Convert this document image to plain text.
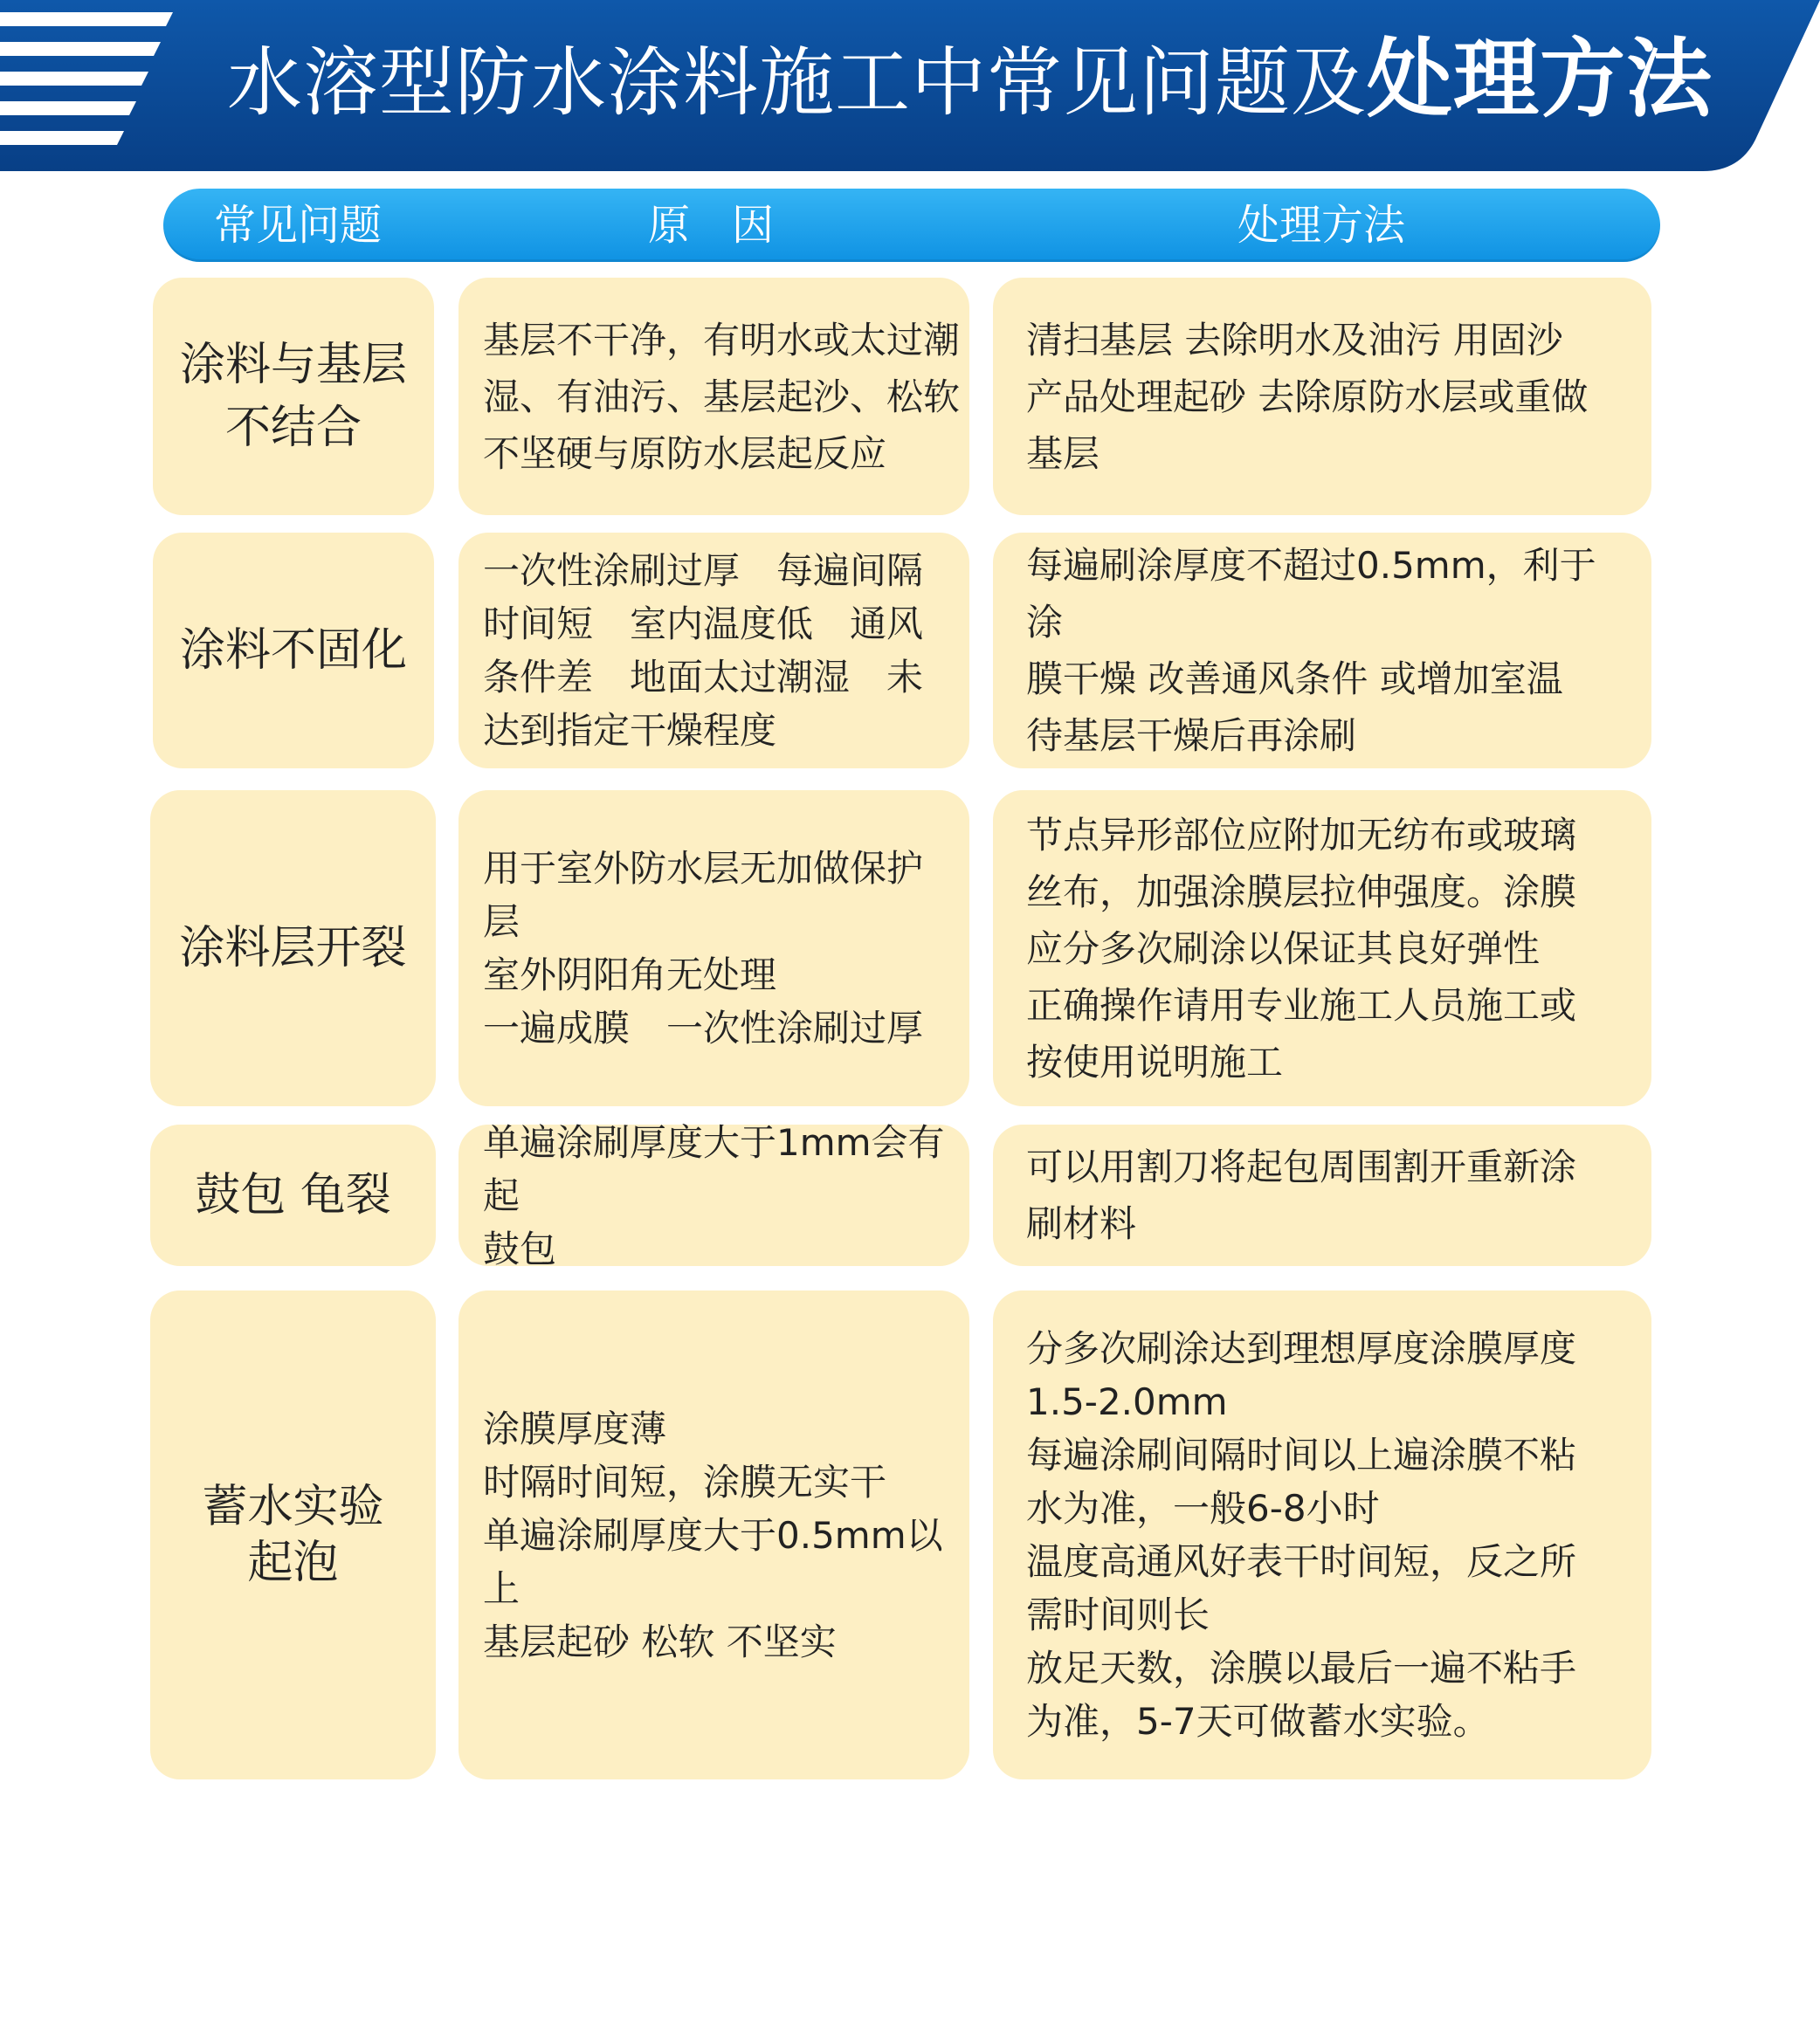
水溶型防水涂料施工中常见问题及处理方法
常见问题	原　因	处理方法
涂料与基层
不结合
基层不干净，有明水或太过潮
湿、有油污、基层起沙、松软
不坚硬与原防水层起反应
清扫基层 去除明水及油污 用固沙
产品处理起砂 去除原防水层或重做
基层
涂料不固化
一次性涂刷过厚　每遍间隔
时间短　室内温度低　通风
条件差　地面太过潮湿　未
达到指定干燥程度
每遍刷涂厚度不超过0.5mm，利于涂
膜干燥 改善通风条件 或增加室温
待基层干燥后再涂刷
涂料层开裂
用于室外防水层无加做保护
层
室外阴阳角无处理
一遍成膜　一次性涂刷过厚
节点异形部位应附加无纺布或玻璃
丝布，加强涂膜层拉伸强度。涂膜
应分多次刷涂以保证其良好弹性
正确操作请用专业施工人员施工或
按使用说明施工
鼓包 龟裂
单遍涂刷厚度大于1mm会有起
鼓包
可以用割刀将起包周围割开重新涂
刷材料
蓄水实验
起泡
涂膜厚度薄
时隔时间短，涂膜无实干
单遍涂刷厚度大于0.5mm以上
基层起砂 松软 不坚实
分多次刷涂达到理想厚度涂膜厚度
1.5-2.0mm
每遍涂刷间隔时间以上遍涂膜不粘
水为准，一般6-8小时
温度高通风好表干时间短，反之所
需时间则长
放足天数，涂膜以最后一遍不粘手
为准，5-7天可做蓄水实验。
